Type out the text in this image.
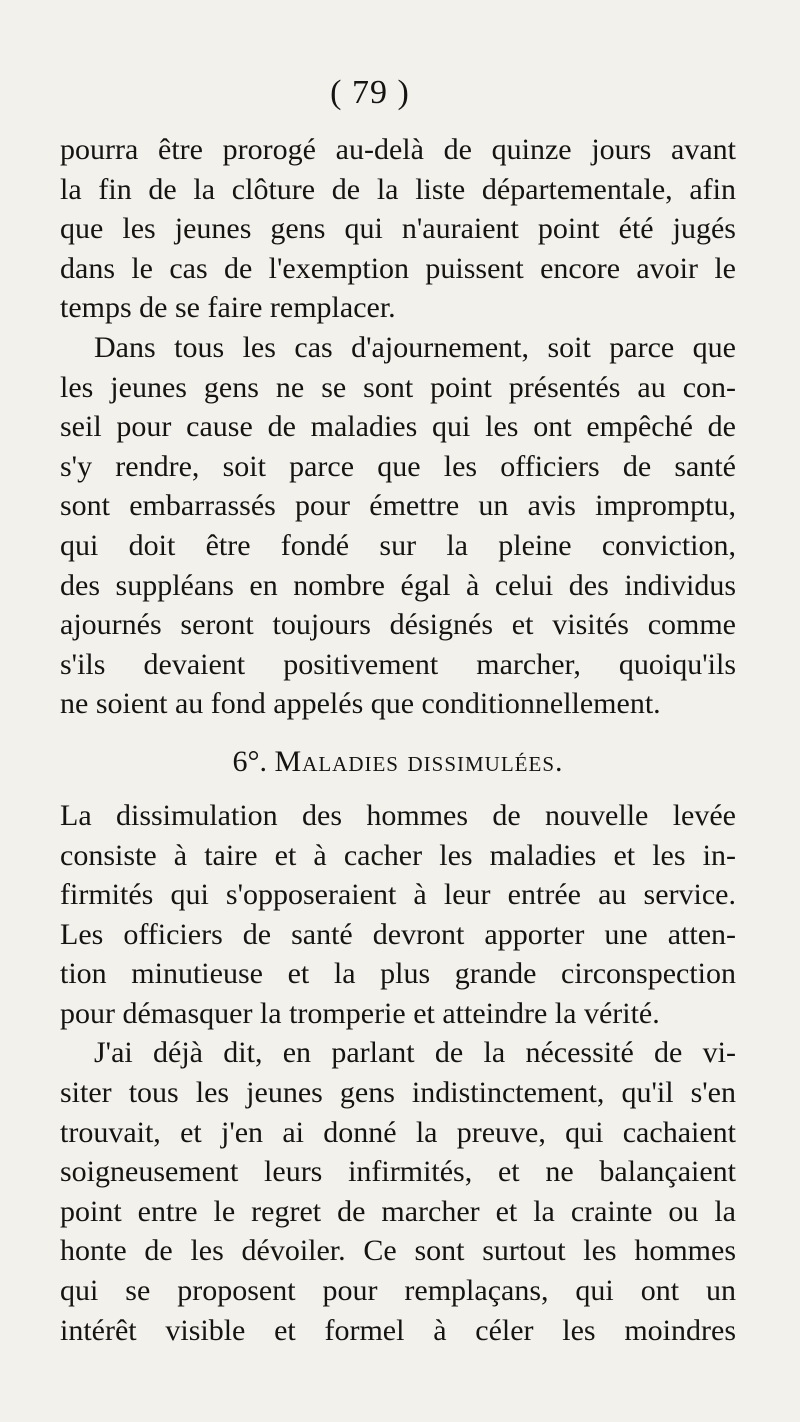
( 79 )
pourra être prorogé au-delà de quinze jours avant
la fin de la clôture de la liste départementale, afin
que les jeunes gens qui n'auraient point été jugés
dans le cas de l'exemption puissent encore avoir le
temps de se faire remplacer.
Dans tous les cas d'ajournement, soit parce que
les jeunes gens ne se sont point présentés au con-
seil pour cause de maladies qui les ont empêché de
s'y rendre, soit parce que les officiers de santé
sont embarrassés pour émettre un avis impromptu,
qui doit être fondé sur la pleine conviction,
des suppléans en nombre égal à celui des individus
ajournés seront toujours désignés et visités comme
s'ils devaient positivement marcher, quoiqu'ils
ne soient au fond appelés que conditionnellement.
6°. Maladies dissimulées.
La dissimulation des hommes de nouvelle levée
consiste à taire et à cacher les maladies et les in-
firmités qui s'opposeraient à leur entrée au service.
Les officiers de santé devront apporter une atten-
tion minutieuse et la plus grande circonspection
pour démasquer la tromperie et atteindre la vérité.
J'ai déjà dit, en parlant de la nécessité de vi-
siter tous les jeunes gens indistinctement, qu'il s'en
trouvait, et j'en ai donné la preuve, qui cachaient
soigneusement leurs infirmités, et ne balançaient
point entre le regret de marcher et la crainte ou la
honte de les dévoiler. Ce sont surtout les hommes
qui se proposent pour remplaçans, qui ont un
intérêt visible et formel à céler les moindres
